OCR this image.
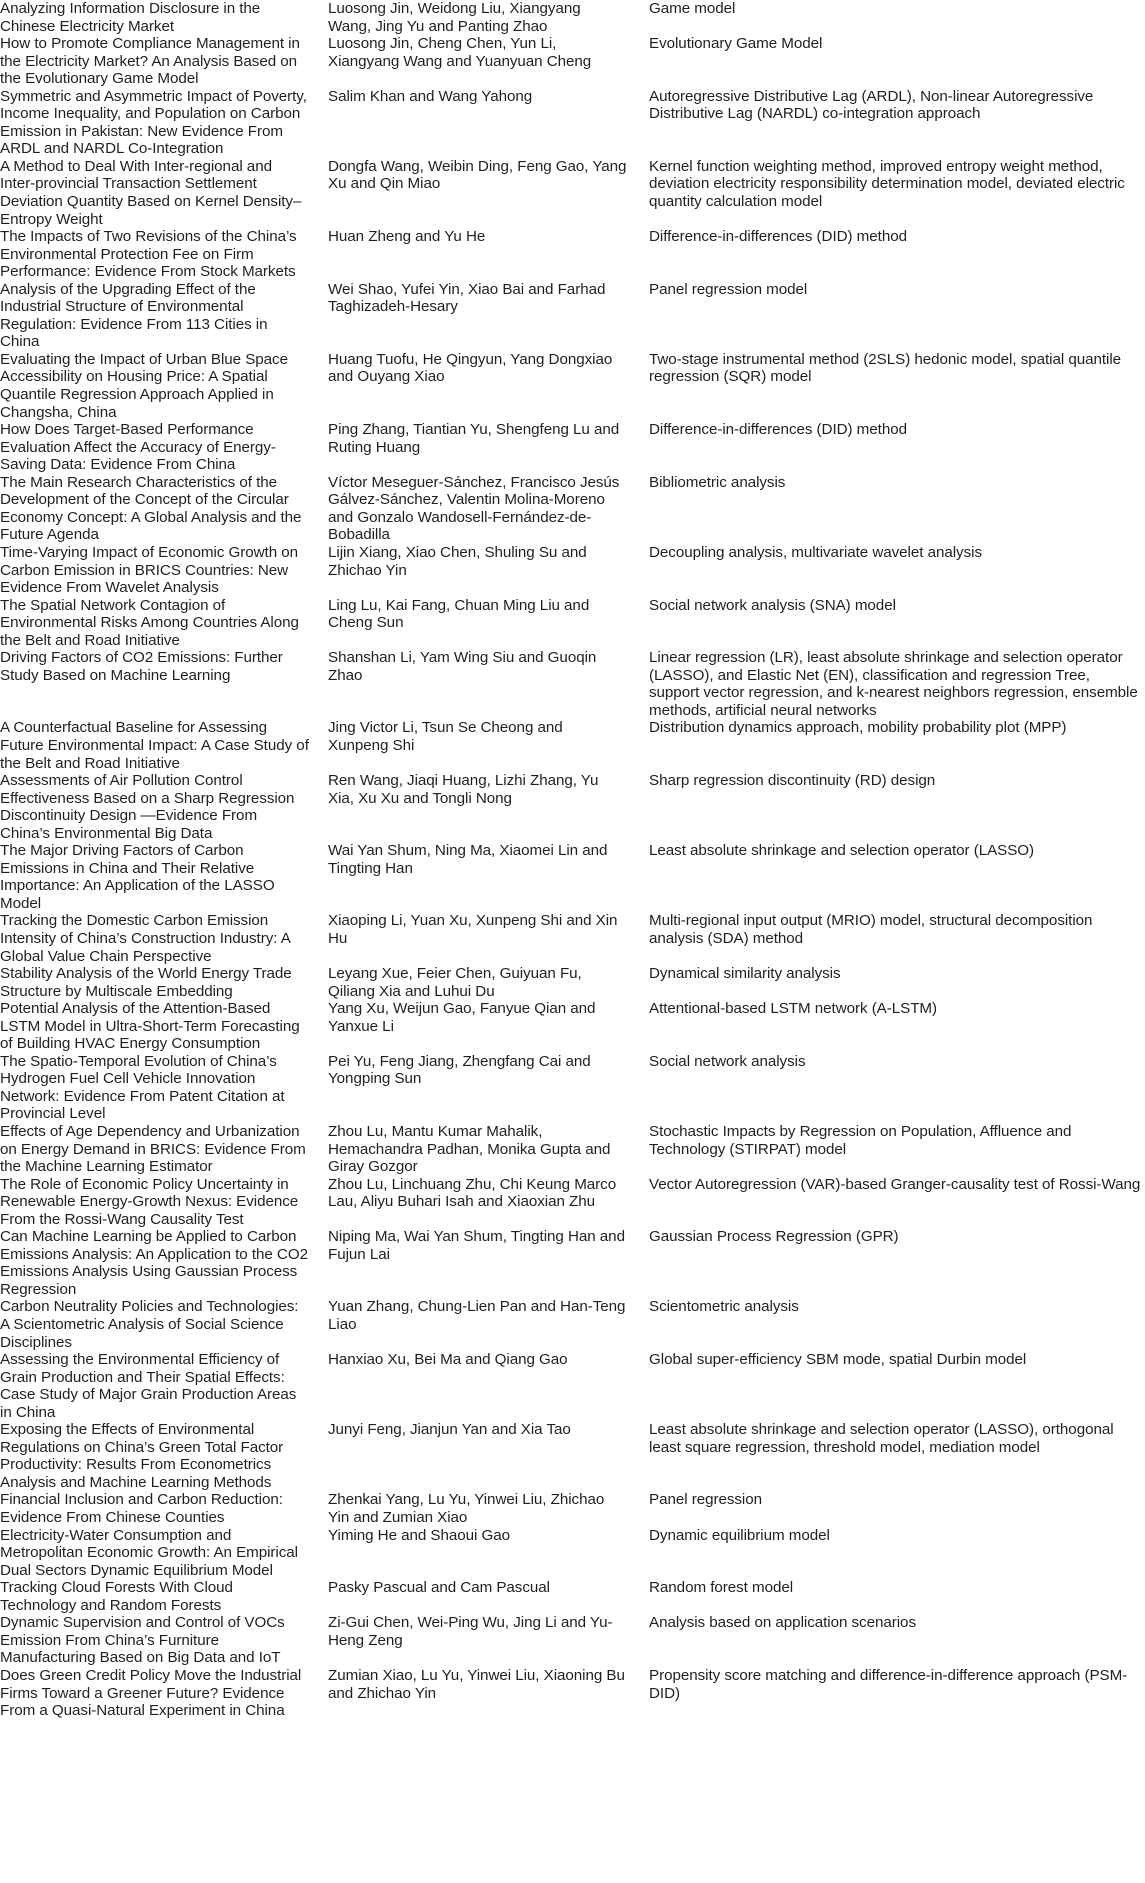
Analyzing Information Disclosure in the Chinese Electricity Market		Luosong Jin, Weidong Liu, Xiangyang Wang, Jing Yu and Panting Zhao		Game model

How to Promote Compliance Management in the Electricity Market? An Analysis Based on the Evolutionary Game Model		Luosong Jin, Cheng Chen, Yun Li, Xiangyang Wang and Yuanyuan Cheng		Evolutionary Game Model

Symmetric and Asymmetric Impact of Poverty, Income Inequality, and Population on Carbon Emission in Pakistan: New Evidence From ARDL and NARDL Co-Integration		Salim Khan and Wang Yahong		Autoregressive Distributive Lag (ARDL), Non-linear Autoregressive Distributive Lag (NARDL) co-integration approach

A Method to Deal With Inter-regional and Inter-provincial Transaction Settlement Deviation Quantity Based on Kernel Density–Entropy Weight		Dongfa Wang, Weibin Ding, Feng Gao, Yang Xu and Qin Miao		Kernel function weighting method, improved entropy weight method, deviation electricity responsibility determination model, deviated electric quantity calculation model

The Impacts of Two Revisions of the China’s Environmental Protection Fee on Firm Performance: Evidence From Stock Markets		Huan Zheng and Yu He		Difference-in-differences (DID) method

Analysis of the Upgrading Effect of the Industrial Structure of Environmental Regulation: Evidence From 113 Cities in China		Wei Shao, Yufei Yin, Xiao Bai and Farhad Taghizadeh-Hesary		Panel regression model

Evaluating the Impact of Urban Blue Space Accessibility on Housing Price: A Spatial Quantile Regression Approach Applied in Changsha, China		Huang Tuofu, He Qingyun, Yang Dongxiao and Ouyang Xiao		Two-stage instrumental method (2SLS) hedonic model, spatial quantile regression (SQR) model

How Does Target-Based Performance Evaluation Affect the Accuracy of Energy-Saving Data: Evidence From China		Ping Zhang, Tiantian Yu, Shengfeng Lu and Ruting Huang		Difference-in-differences (DID) method

The Main Research Characteristics of the Development of the Concept of the Circular Economy Concept: A Global Analysis and the Future Agenda		Víctor Meseguer-Sánchez, Francisco Jesús Gálvez-Sánchez, Valentin Molina-Moreno and Gonzalo Wandosell-Fernández-de-Bobadilla		Bibliometric analysis

Time-Varying Impact of Economic Growth on Carbon Emission in BRICS Countries: New Evidence From Wavelet Analysis		Lijin Xiang, Xiao Chen, Shuling Su and Zhichao Yin		Decoupling analysis, multivariate wavelet analysis

The Spatial Network Contagion of Environmental Risks Among Countries Along the Belt and Road Initiative		Ling Lu, Kai Fang, Chuan Ming Liu and Cheng Sun		Social network analysis (SNA) model

Driving Factors of CO2 Emissions: Further Study Based on Machine Learning		Shanshan Li, Yam Wing Siu and Guoqin Zhao		Linear regression (LR), least absolute shrinkage and selection operator (LASSO), and Elastic Net (EN), classification and regression Tree, support vector regression, and k-nearest neighbors regression, ensemble methods, artificial neural networks

A Counterfactual Baseline for Assessing Future Environmental Impact: A Case Study of the Belt and Road Initiative		Jing Victor Li, Tsun Se Cheong and Xunpeng Shi		Distribution dynamics approach, mobility probability plot (MPP)

Assessments of Air Pollution Control Effectiveness Based on a Sharp Regression Discontinuity Design —Evidence From China’s Environmental Big Data		Ren Wang, Jiaqi Huang, Lizhi Zhang, Yu Xia, Xu Xu and Tongli Nong		Sharp regression discontinuity (RD) design

The Major Driving Factors of Carbon Emissions in China and Their Relative Importance: An Application of the LASSO Model		Wai Yan Shum, Ning Ma, Xiaomei Lin and Tingting Han		Least absolute shrinkage and selection operator (LASSO)

Tracking the Domestic Carbon Emission Intensity of China’s Construction Industry: A Global Value Chain Perspective		Xiaoping Li, Yuan Xu, Xunpeng Shi and Xin Hu		Multi-regional input output (MRIO) model, structural decomposition analysis (SDA) method

Stability Analysis of the World Energy Trade Structure by Multiscale Embedding		Leyang Xue, Feier Chen, Guiyuan Fu, Qiliang Xia and Luhui Du		Dynamical similarity analysis

Potential Analysis of the Attention-Based LSTM Model in Ultra-Short-Term Forecasting of Building HVAC Energy Consumption		Yang Xu, Weijun Gao, Fanyue Qian and Yanxue Li		Attentional-based LSTM network (A-LSTM)

The Spatio-Temporal Evolution of China’s Hydrogen Fuel Cell Vehicle Innovation Network: Evidence From Patent Citation at Provincial Level		Pei Yu, Feng Jiang, Zhengfang Cai and Yongping Sun		Social network analysis

Effects of Age Dependency and Urbanization on Energy Demand in BRICS: Evidence From the Machine Learning Estimator		Zhou Lu, Mantu Kumar Mahalik, Hemachandra Padhan, Monika Gupta and Giray Gozgor		Stochastic Impacts by Regression on Population, Affluence and Technology (STIRPAT) model

The Role of Economic Policy Uncertainty in Renewable Energy-Growth Nexus: Evidence From the Rossi-Wang Causality Test		Zhou Lu, Linchuang Zhu, Chi Keung Marco Lau, Aliyu Buhari Isah and Xiaoxian Zhu		Vector Autoregression (VAR)-based Granger-causality test of Rossi-Wang

Can Machine Learning be Applied to Carbon Emissions Analysis: An Application to the CO2 Emissions Analysis Using Gaussian Process Regression		Niping Ma, Wai Yan Shum, Tingting Han and Fujun Lai		Gaussian Process Regression (GPR)

Carbon Neutrality Policies and Technologies: A Scientometric Analysis of Social Science Disciplines		Yuan Zhang, Chung-Lien Pan and Han-Teng Liao		Scientometric analysis

Assessing the Environmental Efficiency of Grain Production and Their Spatial Effects: Case Study of Major Grain Production Areas in China		Hanxiao Xu, Bei Ma and Qiang Gao		Global super-efficiency SBM mode, spatial Durbin model

Exposing the Effects of Environmental Regulations on China’s Green Total Factor Productivity: Results From Econometrics Analysis and Machine Learning Methods		Junyi Feng, Jianjun Yan and Xia Tao		Least absolute shrinkage and selection operator (LASSO), orthogonal least square regression, threshold model, mediation model

Financial Inclusion and Carbon Reduction: Evidence From Chinese Counties		Zhenkai Yang, Lu Yu, Yinwei Liu, Zhichao Yin and Zumian Xiao		Panel regression

Electricity-Water Consumption and Metropolitan Economic Growth: An Empirical Dual Sectors Dynamic Equilibrium Model		Yiming He and Shaoui Gao		Dynamic equilibrium model

Tracking Cloud Forests With Cloud Technology and Random Forests		Pasky Pascual and Cam Pascual		Random forest model

Dynamic Supervision and Control of VOCs Emission From China’s Furniture Manufacturing Based on Big Data and IoT		Zi-Gui Chen, Wei-Ping Wu, Jing Li and Yu-Heng Zeng		Analysis based on application scenarios

Does Green Credit Policy Move the Industrial Firms Toward a Greener Future? Evidence From a Quasi-Natural Experiment in China		Zumian Xiao, Lu Yu, Yinwei Liu, Xiaoning Bu and Zhichao Yin		Propensity score matching and difference-in-difference approach (PSM-DID)
